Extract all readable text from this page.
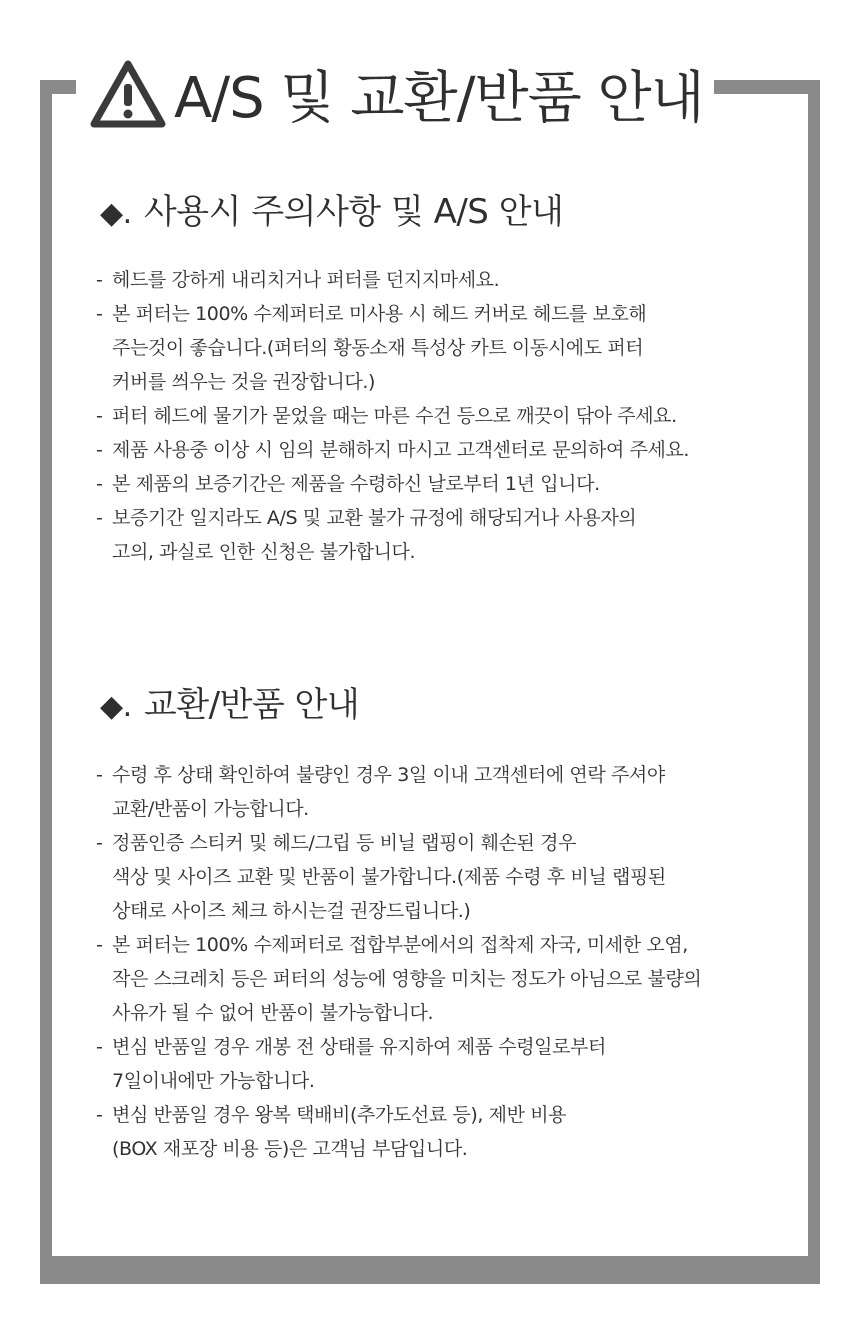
A/S 및 교환/반품 안내
◆. 사용시 주의사항 및 A/S 안내
- 헤드를 강하게 내리치거나 퍼터를 던지지마세요.
- 본 퍼터는 100% 수제퍼터로 미사용 시 헤드 커버로 헤드를 보호해
주는것이 좋습니다.(퍼터의 황동소재 특성상 카트 이동시에도 퍼터
커버를 씌우는 것을 권장합니다.)
- 퍼터 헤드에 물기가 묻었을 때는 마른 수건 등으로 깨끗이 닦아 주세요.
- 제품 사용중 이상 시 임의 분해하지 마시고 고객센터로 문의하여 주세요.
- 본 제품의 보증기간은 제품을 수령하신 날로부터 1년 입니다.
- 보증기간 일지라도 A/S 및 교환 불가 규정에 해당되거나 사용자의
고의, 과실로 인한 신청은 불가합니다.
◆. 교환/반품 안내
- 수령 후 상태 확인하여 불량인 경우 3일 이내 고객센터에 연락 주셔야
교환/반품이 가능합니다.
- 정품인증 스티커 및 헤드/그립 등 비닐 랩핑이 훼손된 경우
색상 및 사이즈 교환 및 반품이 불가합니다.(제품 수령 후 비닐 랩핑된
상태로 사이즈 체크 하시는걸 권장드립니다.)
- 본 퍼터는 100% 수제퍼터로 접합부분에서의 접착제 자국, 미세한 오염,
작은 스크레치 등은 퍼터의 성능에 영향을 미치는 정도가 아님으로 불량의
사유가 될 수 없어 반품이 불가능합니다.
- 변심 반품일 경우 개봉 전 상태를 유지하여 제품 수령일로부터
7일이내에만 가능합니다.
- 변심 반품일 경우 왕복 택배비(추가도선료 등), 제반 비용
(BOX 재포장 비용 등)은 고객님 부담입니다.
